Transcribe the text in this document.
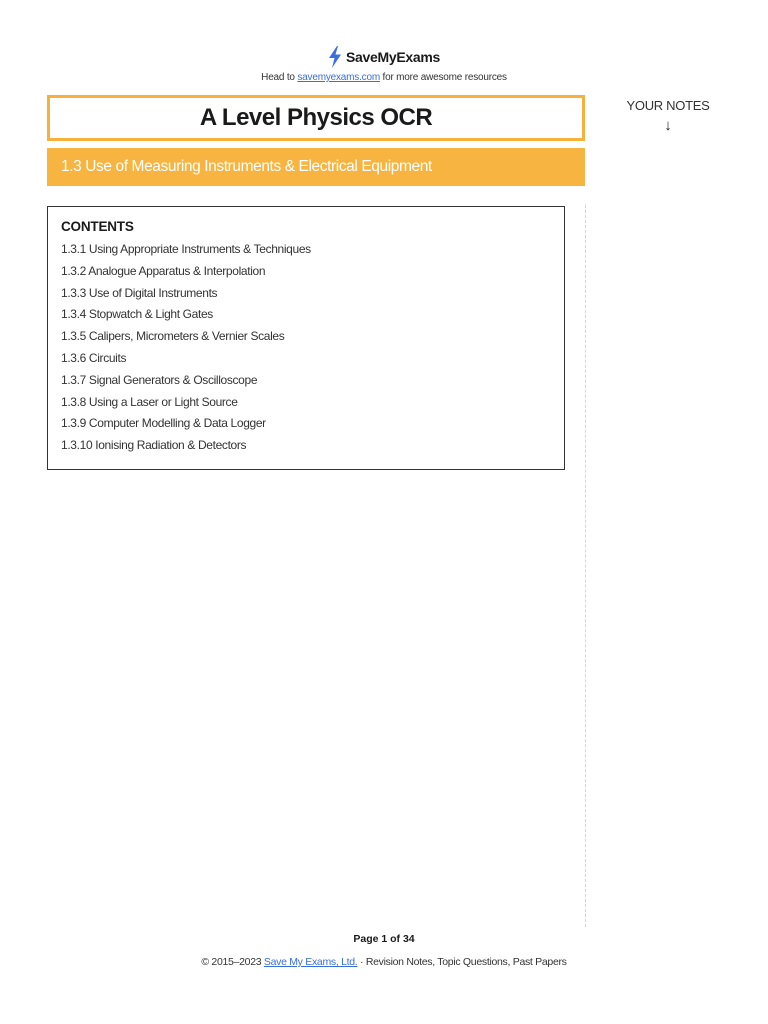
SaveMyExams
Head to savemyexams.com for more awesome resources
A Level Physics OCR
1.3 Use of Measuring Instruments & Electrical Equipment
YOUR NOTES
↓
CONTENTS
1.3.1 Using Appropriate Instruments & Techniques
1.3.2 Analogue Apparatus & Interpolation
1.3.3 Use of Digital Instruments
1.3.4 Stopwatch & Light Gates
1.3.5 Calipers, Micrometers & Vernier Scales
1.3.6 Circuits
1.3.7 Signal Generators & Oscilloscope
1.3.8 Using a Laser or Light Source
1.3.9 Computer Modelling & Data Logger
1.3.10 Ionising Radiation & Detectors
Page 1 of 34
© 2015–2023 Save My Exams, Ltd. · Revision Notes, Topic Questions, Past Papers
